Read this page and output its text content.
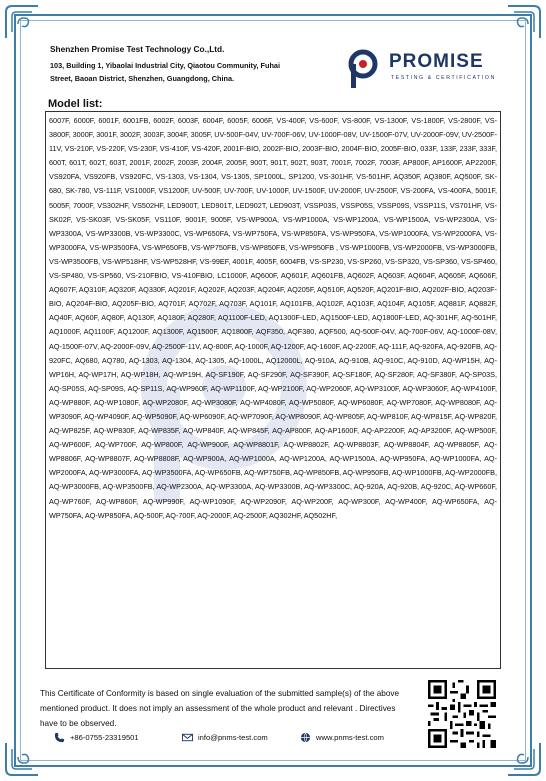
Shenzhen Promise Test Technology Co.,Ltd.
103, Building 1, Yibaolai Industrial City, Qiaotou Community, Fuhai
Street, Baoan District, Shenzhen, Guangdong, China.
PROMISE
TESTING & CERTIFICATION
Model list:
6007F, 6000F, 6001F, 6001FB, 6002F, 6003F, 6004F, 6005F, 6006F, VS-400F, VS-600F, VS-800F, VS-1300F, VS-1800F, VS-2800F, VS-3800F, 3000F, 3001F, 3002F, 3003F, 3004F, 3005F, UV-500F-04V, UV-700F-06V, UV-1000F-08V, UV-1500F-07V, UV-2000F-09V, UV-2500F-11V, VS-210F, VS-220F, VS-230F, VS-410F, VS-420F, 2001F-BIO, 2002F-BIO, 2003F-BIO, 2004F-BIO, 2005F-BIO, 033F, 133F, 233F, 333F, 600T, 601T, 602T, 603T, 2001F, 2002F, 2003F, 2004F, 2005F, 900T, 901T, 902T, 903T, 7001F, 7002F, 7003F, AP800F, AP1600F, AP2200F, VS920FA, VS920FB, VS920FC, VS-1303, VS-1304, VS-1305, SP1000L, SP1200, VS-301HF, VS-501HF, AQ350F, AQ380F, AQ500F, SK-680, SK-780, VS-111F, VS1000F, VS1200F, UV-500F, UV-700F, UV-1000F, UV-1500F, UV-2000F, UV-2500F, VS-200FA, VS-400FA, 5001F, 5005F, 7000F, VS302HF, VS502HF, LED900T, LED901T, LED902T, LED903T, VSSP03S, VSSP05S, VSSP09S, VSSP11S, VS701HF, VS-SK02F, VS-SK03F, VS-SK05F, VS110F, 9001F, 9005F, VS-WP900A, VS-WP1000A, VS-WP1200A, VS-WP1500A, VS-WP2300A, VS-WP3300A, VS-WP3300B, VS-WP3300C, VS-WP650FA, VS-WP750FA, VS-WP850FA, VS-WP950FA, VS-WP1000FA, VS-WP2000FA, VS-WP3000FA, VS-WP3500FA, VS-WP650FB, VS-WP750FB, VS-WP850FB, VS-WP950FB , VS-WP1000FB, VS-WP2000FB, VS-WP3000FB, VS-WP3500FB, VS-WP518HF, VS-WP528HF, VS-99EF, 4001F, 4005F, 6004FB, VS-SP230, VS-SP260, VS-SP320, VS-SP360, VS-SP460, VS-SP480, VS-SP560, VS-210FBIO, VS-410FBIO, LC1000F, AQ600F, AQ601F, AQ601FB, AQ602F, AQ603F, AQ604F, AQ605F, AQ606F, AQ607F, AQ310F, AQ320F, AQ330F, AQ201F, AQ202F, AQ203F, AQ204F, AQ205F, AQ510F, AQ520F, AQ201F-BIO, AQ202F-BIO, AQ203F-BIO, AQ204F-BIO, AQ205F-BIO, AQ701F, AQ702F, AQ703F, AQ101F, AQ101FB, AQ102F, AQ103F, AQ104F, AQ105F, AQ881F, AQ882F, AQ40F, AQ60F, AQ80F, AQ130F, AQ180F, AQ280F, AQ1100F-LED, AQ1300F-LED, AQ1500F-LED, AQ1800F-LED, AQ-301HF, AQ-501HF, AQ1000F, AQ1100F, AQ1200F, AQ1300F, AQ1500F, AQ1800F, AQF350, AQF380, AQF500, AQ-500F-04V, AQ-700F-06V, AQ-1000F-08V, AQ-1500F-07V, AQ-2000F-09V, AQ-2500F-11V, AQ-800F, AQ-1000F, AQ-1200F, AQ-1600F, AQ-2200F, AQ-111F, AQ-920FA, AQ-920FB, AQ-920FC, AQ680, AQ780, AQ-1303, AQ-1304, AQ-1305, AQ-1000L, AQ12000L, AQ-910A, AQ-910B, AQ-910C, AQ-910D, AQ-WP15H, AQ-WP16H, AQ-WP17H, AQ-WP18H, AQ-WP19H, AQ-SF190F, AQ-SF290F, AQ-SF390F, AQ-SF180F, AQ-SF280F, AQ-SF380F, AQ-SP03S, AQ-SP05S, AQ-SP09S, AQ-SP11S, AQ-WP960F, AQ-WP1100F, AQ-WP2100F, AQ-WP2060F, AQ-WP3100F, AQ-WP3060F, AQ-WP4100F, AQ-WP880F, AQ-WP1080F, AQ-WP2080F, AQ-WP3080F, AQ-WP4080F, AQ-WP5080F, AQ-WP6080F, AQ-WP7080F, AQ-WP8080F, AQ-WP3090F, AQ-WP4090F, AQ-WP5090F, AQ-WP6090F, AQ-WP7090F, AQ-WP8090F, AQ-WP805F, AQ-WP810F, AQ-WP815F, AQ-WP820F, AQ-WP825F, AQ-WP830F, AQ-WP835F, AQ-WP840F, AQ-WP845F, AQ-AP800F, AQ-AP1600F, AQ-AP2200F, AQ-AP3200F, AQ-WP500F, AQ-WP600F, AQ-WP700F, AQ-WP800F, AQ-WP900F, AQ-WP8801F, AQ-WP8802F, AQ-WP8803F, AQ-WP8804F, AQ-WP8805F, AQ-WP8806F, AQ-WP8807F, AQ-WP8808F, AQ-WP900A, AQ-WP1000A, AQ-WP1200A, AQ-WP1500A, AQ-WP950FA, AQ-WP1000FA, AQ-WP2000FA, AQ-WP3000FA, AQ-WP3500FA, AQ-WP650FB, AQ-WP750FB, AQ-WP850FB, AQ-WP950FB, AQ-WP1000FB, AQ-WP2000FB, AQ-WP3000FB, AQ-WP3500FB, AQ-WP2300A, AQ-WP3300A, AQ-WP3300B, AQ-WP3300C, AQ-920A, AQ-920B, AQ-920C, AQ-WP660F, AQ-WP760F, AQ-WP860F, AQ-WP990F, AQ-WP1090F, AQ-WP2090F, AQ-WP200F, AQ-WP300F, AQ-WP400F, AQ-WP650FA, AQ-WP750FA, AQ-WP850FA, AQ-500F, AQ-700F, AQ-2000F, AQ-2500F, AQ302HF, AQ502HF,
This Certificate of Conformity is based on single evaluation of the submitted sample(s) of the above mentioned product. It does not imply an assessment of the whole product and relevant . Directives have to be observed.
+86-0755-23319501	info@pnms-test.com	www.pnms-test.com
